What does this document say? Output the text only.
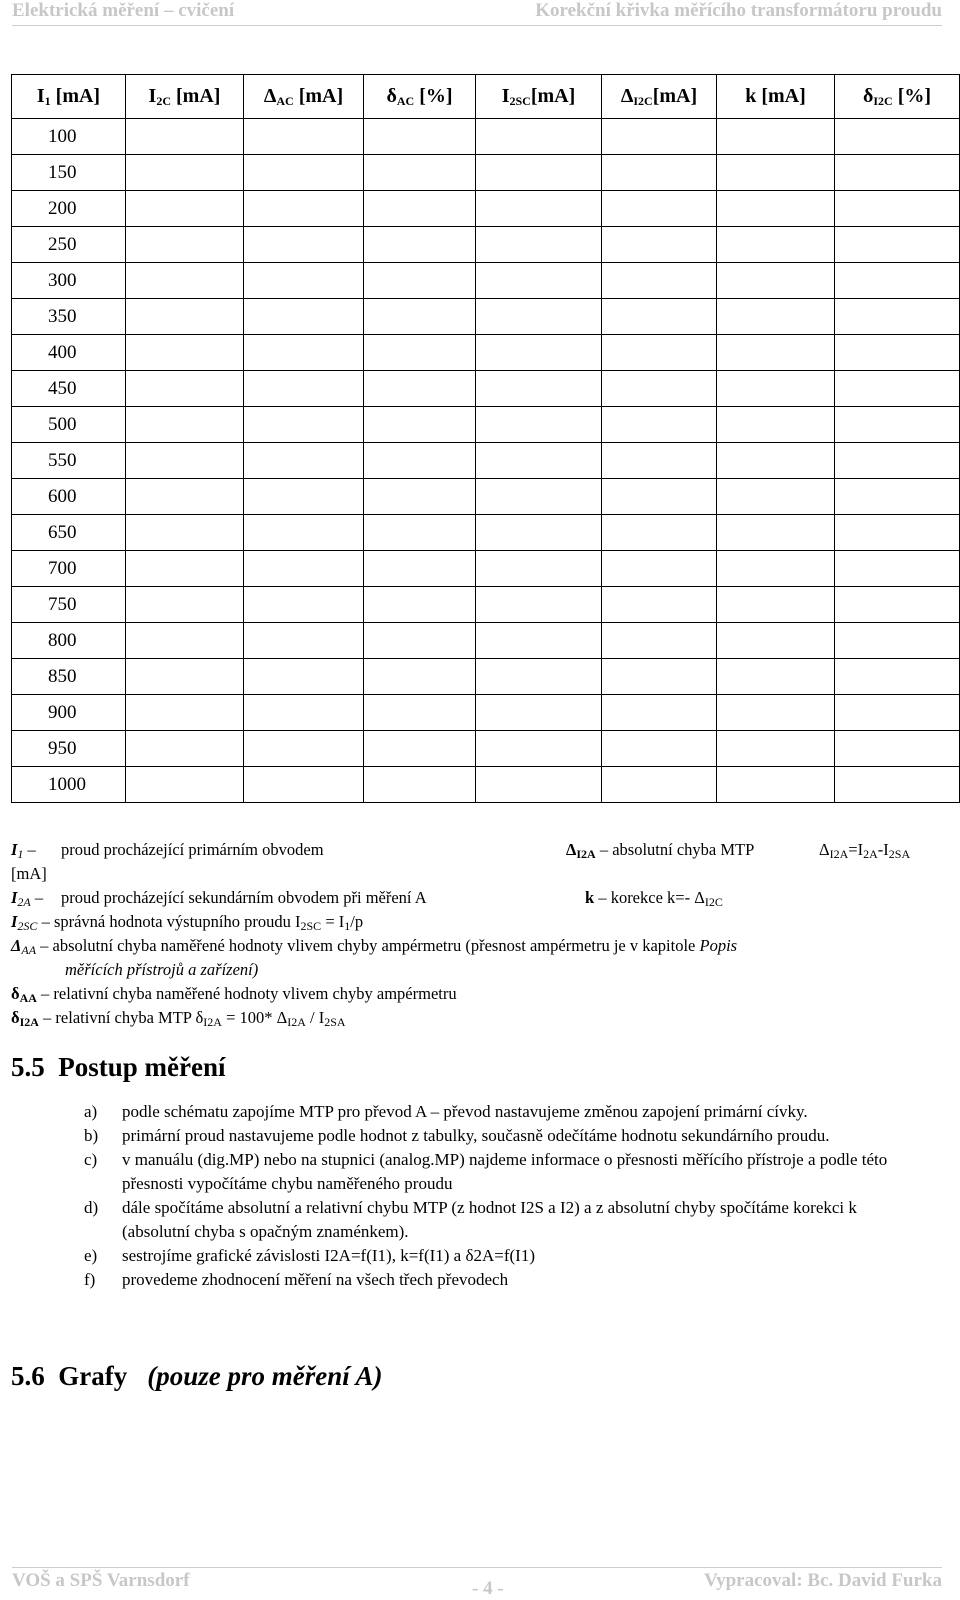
Elektrická měření – cvičení	Korekční křivka měřícího transformátoru proudu
$I_1$ [mA]	$I_{2C}$ [mA]	$\Delta_{AC}$ [mA]	$\delta_{AC}$ [%]	$I_{2SC}[mA]$	$\Delta_{I2C}[mA]$	k [mA]	$\delta_{I2C}$ [%]
100							
150							
200							
250							
300							
350							
400							
450							
500							
550							
600							
650							
700							
750							
800							
850							
900							
950							
1000							
$I_1$ – proud procházející primárním obvodem	$\Delta_{I2A}$ – absolutní chyba MTP	$\Delta_{I2A}=I_{2A}-I_{2SA}$
[mA]
$I_{2A}$ – proud procházející sekundárním obvodem při měření A	k – korekce k=- $\Delta_{I2C}$
$I_{2SC}$ – správná hodnota výstupního proudu $I_{2SC} = I_1/p$
$\Delta_{AA}$ – absolutní chyba naměřené hodnoty vlivem chyby ampérmetru (přesnost ampérmetru je v kapitole Popis
měřících přístrojů a zařízení)
$\delta_{AA}$ – relativní chyba naměřené hodnoty vlivem chyby ampérmetru
$\delta_{I2A}$ – relativní chyba MTP $\delta_{I2A} = 100*$ $\Delta_{I2A} / I_{2SA}$
5.5 Postup měření
a) podle schématu zapojíme MTP pro převod A – převod nastavujeme změnou zapojení primární cívky.
b) primární proud nastavujeme podle hodnot z tabulky, současně odečítáme hodnotu sekundárního proudu.
c) v manuálu (dig.MP) nebo na stupnici (analog.MP) najdeme informace o přesnosti měřícího přístroje a podle této přesnosti vypočítáme chybu naměřeného proudu
d) dále spočítáme absolutní a relativní chybu MTP (z hodnot I2S a I2) a z absolutní chyby spočítáme korekci k (absolutní chyba s opačným znaménkem).
e) sestrojíme grafické závislosti I2A=f(I1), k=f(I1) a δ2A=f(I1)
f) provedeme zhodnocení měření na všech třech převodech
5.6 Grafy (pouze pro měření A)
VOŠ a SPŠ Varnsdorf	- 4 -	Vypracoval: Bc. David Furka
